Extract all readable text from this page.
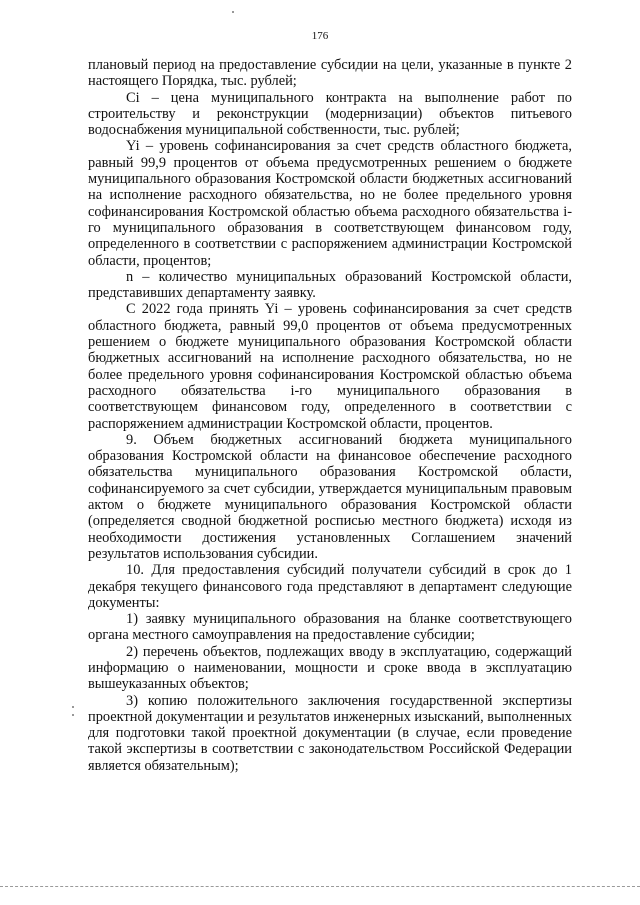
176

плановый период на предоставление субсидии на цели, указанные в пункте 2 настоящего Порядка, тыс. рублей;

Ci – цена муниципального контракта на выполнение работ по строительству и реконструкции (модернизации) объектов питьевого водоснабжения муниципальной собственности, тыс. рублей;

Yi – уровень софинансирования за счет средств областного бюджета, равный 99,9 процентов от объема предусмотренных решением о бюджете муниципального образования Костромской области бюджетных ассигнований на исполнение расходного обязательства, но не более предельного уровня софинансирования Костромской областью объема расходного обязательства i-го муниципального образования в соответствующем финансовом году, определенного в соответствии с распоряжением администрации Костромской области, процентов;

n – количество муниципальных образований Костромской области, представивших департаменту заявку.

С 2022 года принять Yi – уровень софинансирования за счет средств областного бюджета, равный 99,0 процентов от объема предусмотренных решением о бюджете муниципального образования Костромской области бюджетных ассигнований на исполнение расходного обязательства, но не более предельного уровня софинансирования Костромской областью объема расходного обязательства i-го муниципального образования в соответствующем финансовом году, определенного в соответствии с распоряжением администрации Костромской области, процентов.

9. Объем бюджетных ассигнований бюджета муниципального образования Костромской области на финансовое обеспечение расходного обязательства муниципального образования Костромской области, софинансируемого за счет субсидии, утверждается муниципальным правовым актом о бюджете муниципального образования Костромской области (определяется сводной бюджетной росписью местного бюджета) исходя из необходимости достижения установленных Соглашением значений результатов использования субсидии.

10. Для предоставления субсидий получатели субсидий в срок до 1 декабря текущего финансового года представляют в департамент следующие документы:

1) заявку муниципального образования на бланке соответствующего органа местного самоуправления на предоставление субсидии;

2) перечень объектов, подлежащих вводу в эксплуатацию, содержащий информацию о наименовании, мощности и сроке ввода в эксплуатацию вышеуказанных объектов;

3) копию положительного заключения государственной экспертизы проектной документации и результатов инженерных изысканий, выполненных для подготовки такой проектной документации (в случае, если проведение такой экспертизы в соответствии с законодательством Российской Федерации является обязательным);
